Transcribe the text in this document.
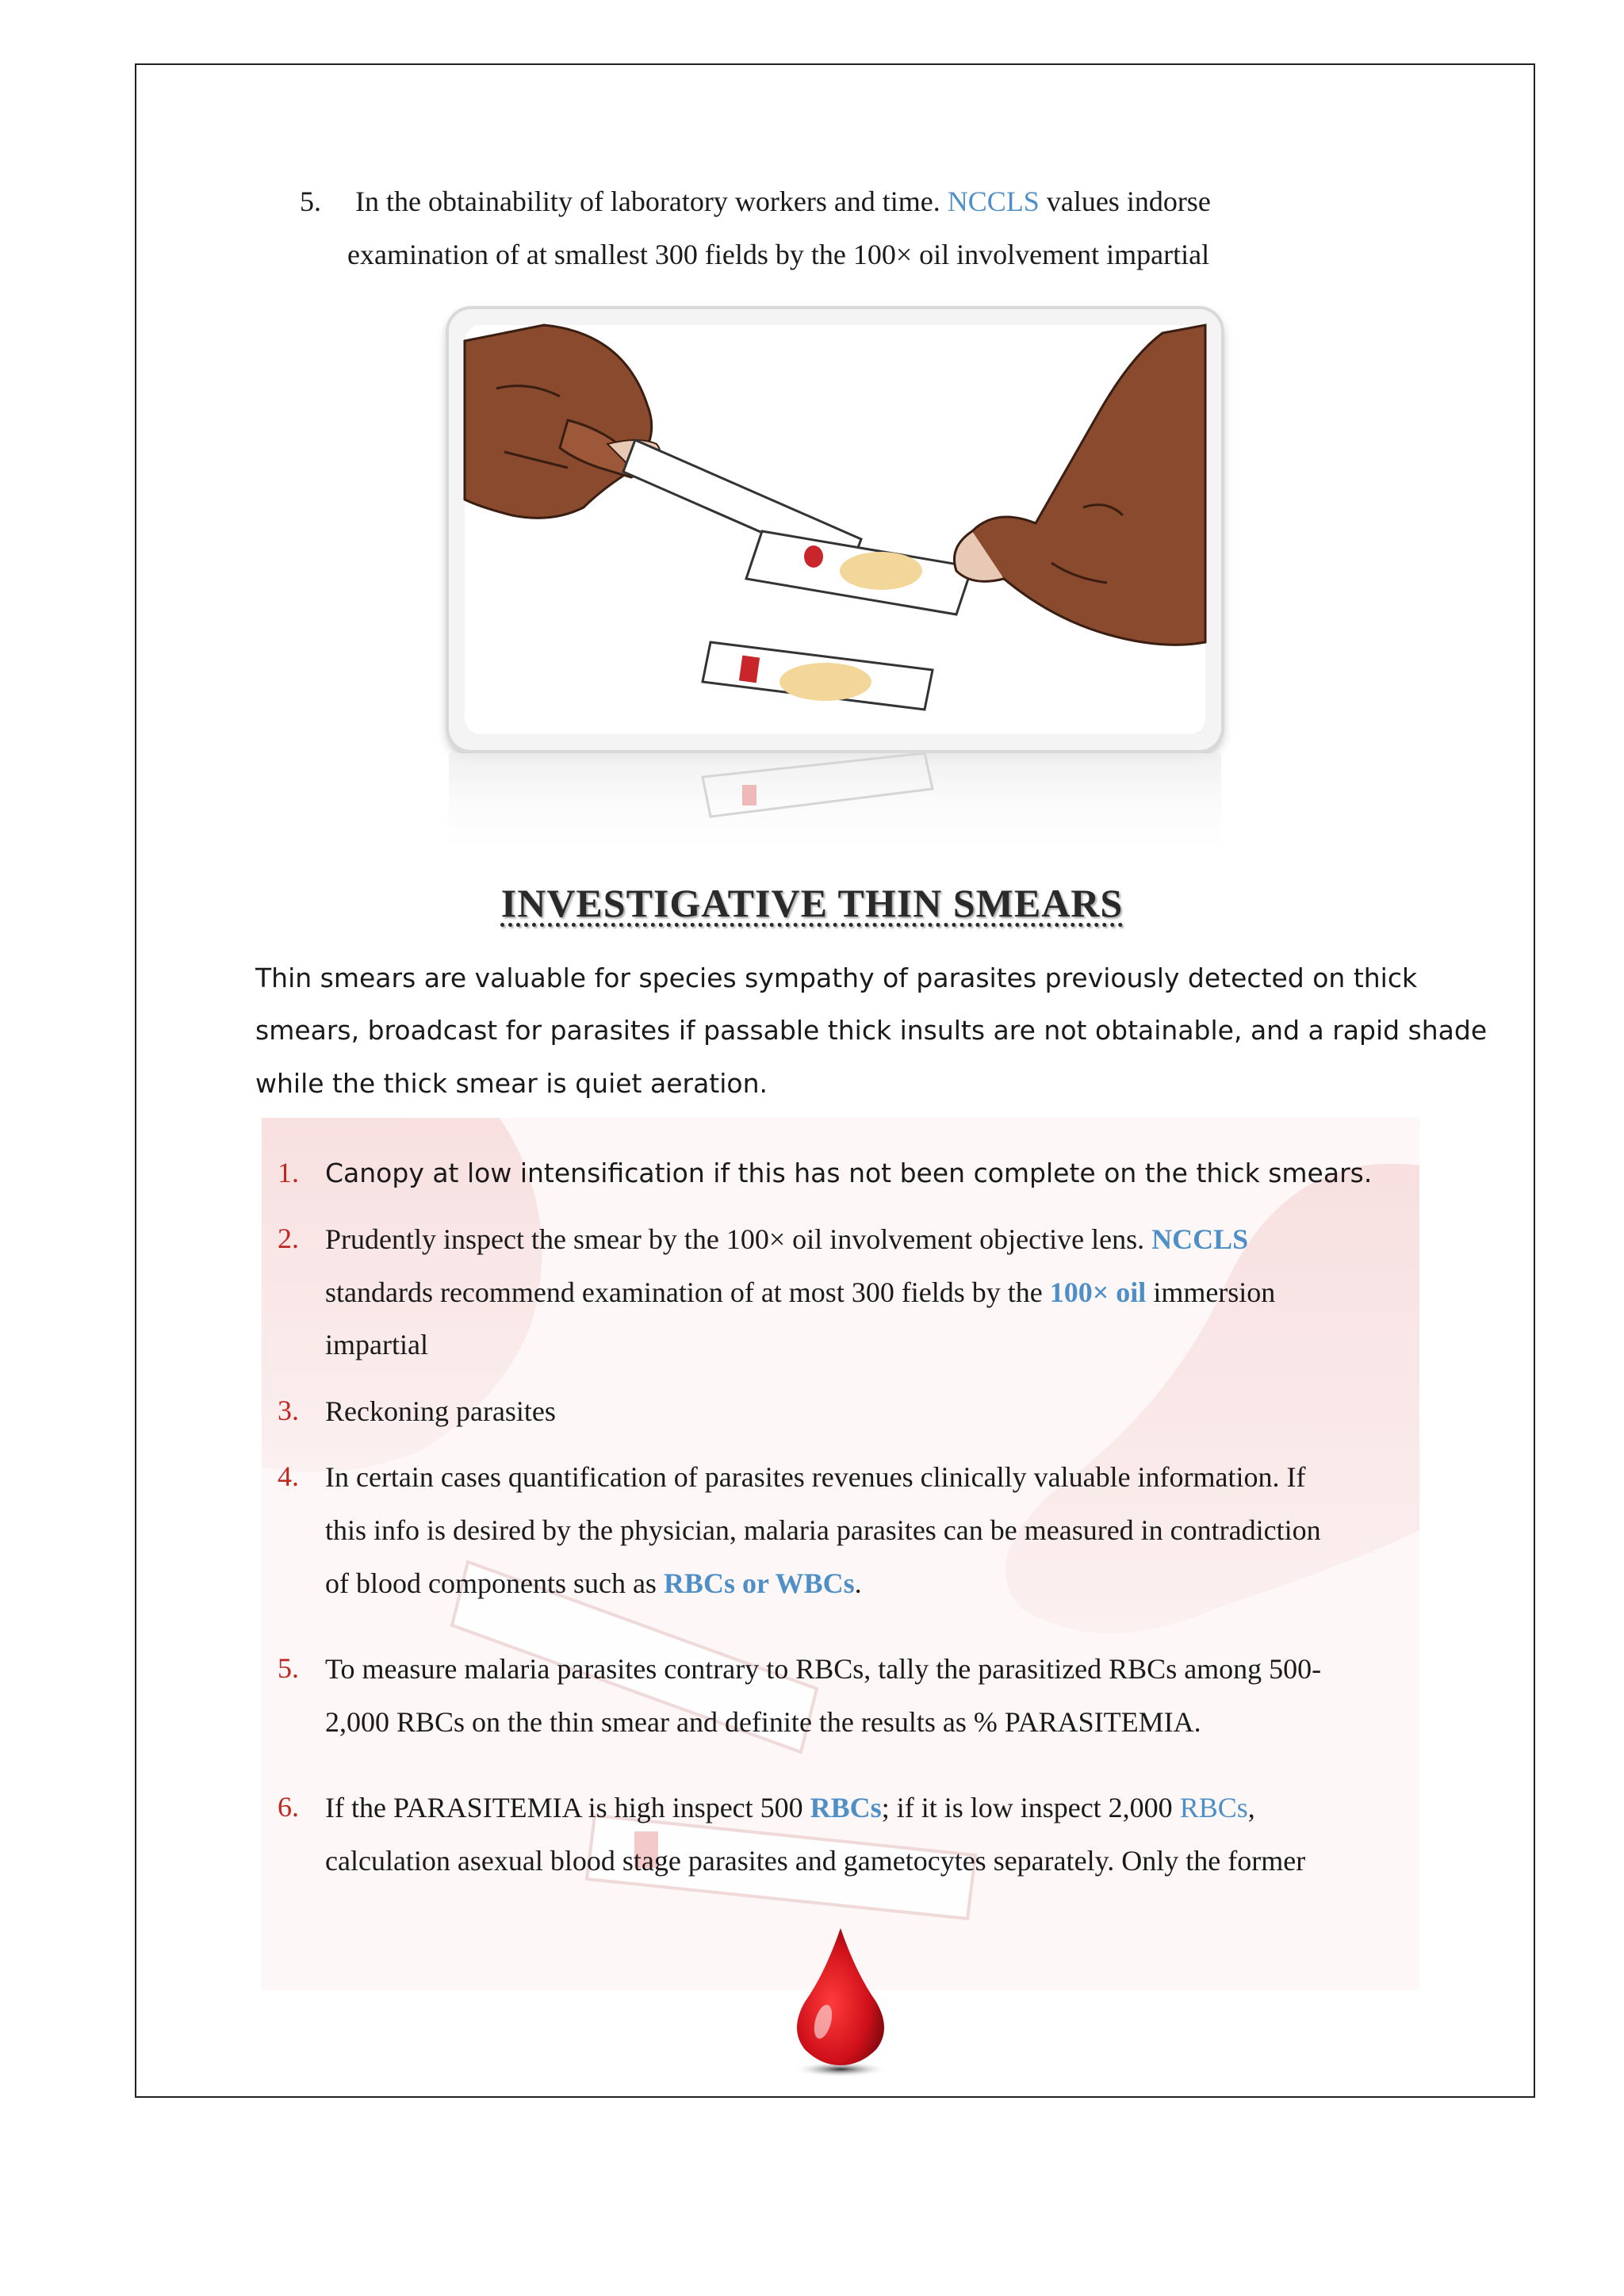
5. In the obtainability of laboratory workers and time. NCCLS values indorse
examination of at smallest 300 fields by the 100× oil involvement impartial
INVESTIGATIVE THIN SMEARS
Thin smears are valuable for species sympathy of parasites previously detected on thick
smears, broadcast for parasites if passable thick insults are not obtainable, and a rapid shade
while the thick smear is quiet aeration.
1. Canopy at low intensification if this has not been complete on the thick smears.
2. Prudently inspect the smear by the 100× oil involvement objective lens. NCCLS
standards recommend examination of at most 300 fields by the 100× oil immersion
impartial
3. Reckoning parasites
4. In certain cases quantification of parasites revenues clinically valuable information. If
this info is desired by the physician, malaria parasites can be measured in contradiction
of blood components such as RBCs or WBCs.
5. To measure malaria parasites contrary to RBCs, tally the parasitized RBCs among 500-
2,000 RBCs on the thin smear and definite the results as % PARASITEMIA.
6. If the PARASITEMIA is high inspect 500 RBCs; if it is low inspect 2,000 RBCs,
calculation asexual blood stage parasites and gametocytes separately. Only the former
